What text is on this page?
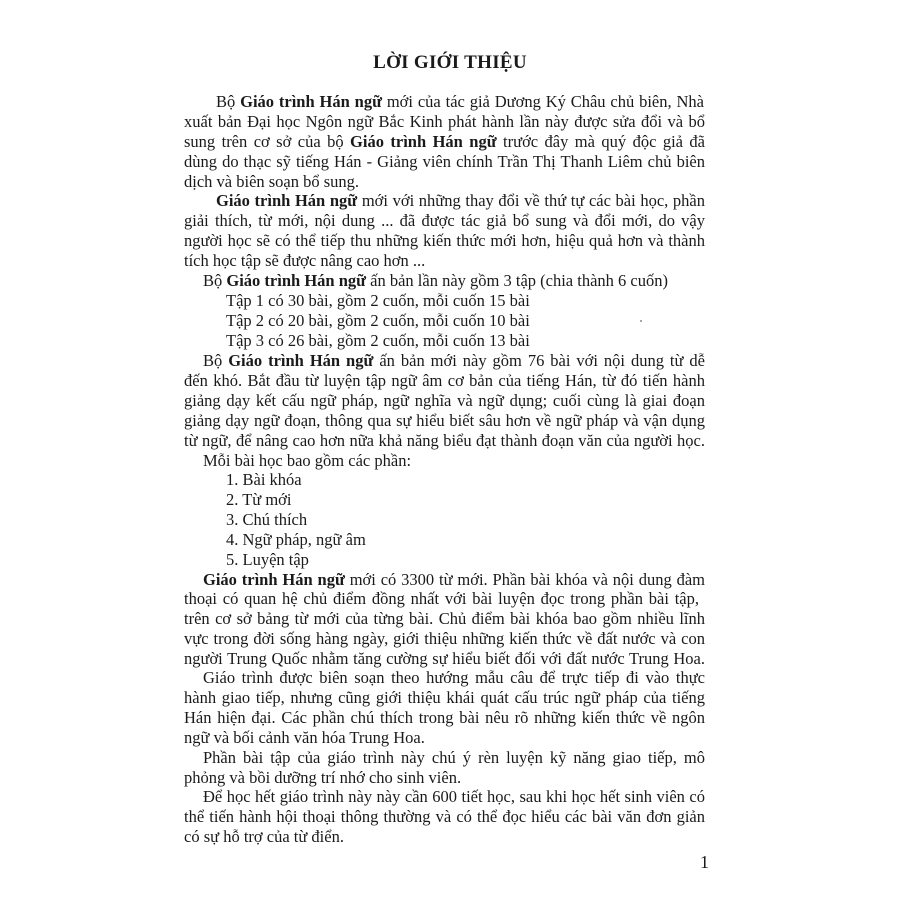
LỜI GIỚI THIỆU
Bộ Giáo trình Hán ngữ mới của tác giả Dương Ký Châu chủ biên, Nhà
xuất bản Đại học Ngôn ngữ Bắc Kinh phát hành lần này được sửa đổi và bổ
sung trên cơ sở của bộ Giáo trình Hán ngữ trước đây mà quý độc giả đã
dùng do thạc sỹ tiếng Hán - Giảng viên chính Trần Thị Thanh Liêm chủ biên
dịch và biên soạn bổ sung.
Giáo trình Hán ngữ mới với những thay đổi về thứ tự các bài học, phần
giải thích, từ mới, nội dung ... đã được tác giả bổ sung và đổi mới, do vậy
người học sẽ có thể tiếp thu những kiến thức mới hơn, hiệu quả hơn và thành
tích học tập sẽ được nâng cao hơn ...
Bộ Giáo trình Hán ngữ ấn bản lần này gồm 3 tập (chia thành 6 cuốn)
Tập 1 có 30 bài, gồm 2 cuốn, mỗi cuốn 15 bài
Tập 2 có 20 bài, gồm 2 cuốn, mỗi cuốn 10 bài
Tập 3 có 26 bài, gồm 2 cuốn, mỗi cuốn 13 bài
Bộ Giáo trình Hán ngữ ấn bản mới này gồm 76 bài với nội dung từ dễ
đến khó. Bắt đầu từ luyện tập ngữ âm cơ bản của tiếng Hán, từ đó tiến hành
giảng dạy kết cấu ngữ pháp, ngữ nghĩa và ngữ dụng; cuối cùng là giai đoạn
giảng dạy ngữ đoạn, thông qua sự hiểu biết sâu hơn về ngữ pháp và vận dụng
từ ngữ, để nâng cao hơn nữa khả năng biểu đạt thành đoạn văn của người học.
Mỗi bài học bao gồm các phần:
1. Bài khóa
2. Từ mới
3. Chú thích
4. Ngữ pháp, ngữ âm
5. Luyện tập
Giáo trình Hán ngữ mới có 3300 từ mới. Phần bài khóa và nội dung đàm
thoại có quan hệ chủ điểm đồng nhất với bài luyện đọc trong phần bài tập,
trên cơ sở bảng từ mới của từng bài. Chủ điểm bài khóa bao gồm nhiều lĩnh
vực trong đời sống hàng ngày, giới thiệu những kiến thức về đất nước và con
người Trung Quốc nhằm tăng cường sự hiểu biết đối với đất nước Trung Hoa.
Giáo trình được biên soạn theo hướng mẫu câu để trực tiếp đi vào thực
hành giao tiếp, nhưng cũng giới thiệu khái quát cấu trúc ngữ pháp của tiếng
Hán hiện đại. Các phần chú thích trong bài nêu rõ những kiến thức về ngôn
ngữ và bối cảnh văn hóa Trung Hoa.
Phần bài tập của giáo trình này chú ý rèn luyện kỹ năng giao tiếp, mô
phỏng và bồi dưỡng trí nhớ cho sinh viên.
Để học hết giáo trình này này cần 600 tiết học, sau khi học hết sinh viên có
thể tiến hành hội thoại thông thường và có thể đọc hiểu các bài văn đơn giản
có sự hỗ trợ của từ điển.
1
